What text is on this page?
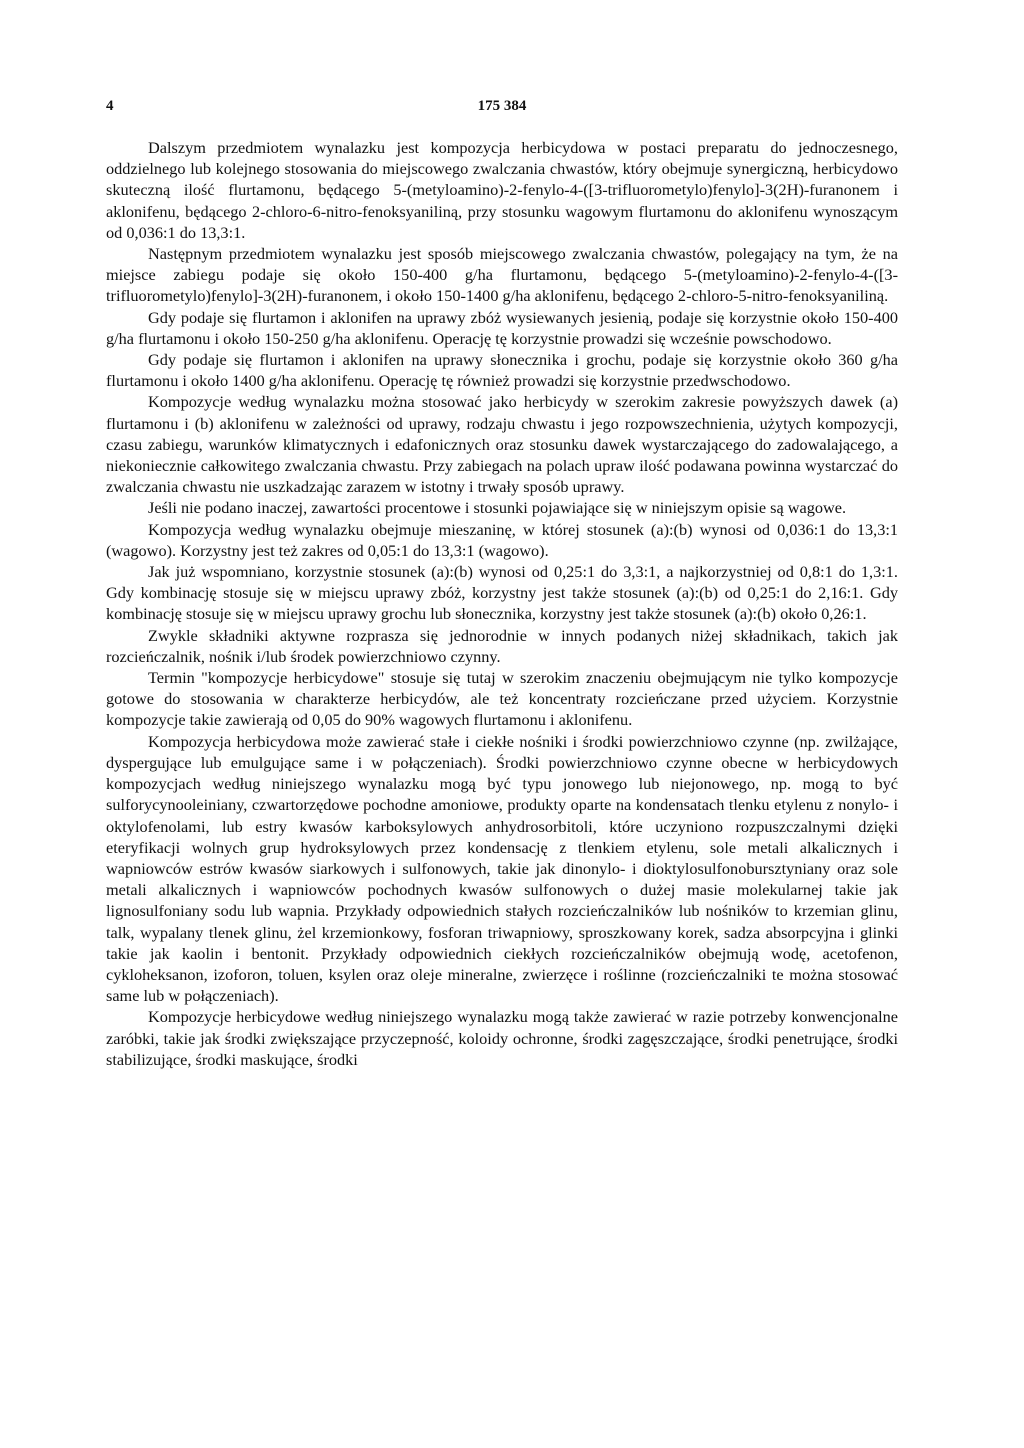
4	175 384

Dalszym przedmiotem wynalazku jest kompozycja herbicydowa w postaci preparatu do jednoczesnego, oddzielnego lub kolejnego stosowania do miejscowego zwalczania chwastów, który obejmuje synergiczną, herbicydowo skuteczną ilość flurtamonu, będącego 5-(metyloamino)-2-fenylo-4-([3-trifluorometylo)fenylo]-3(2H)-furanonem i aklonifenu, będącego 2-chloro-6-nitro-fenoksyaniliną, przy stosunku wagowym flurtamonu do aklonifenu wynoszącym od 0,036:1 do 13,3:1.

Następnym przedmiotem wynalazku jest sposób miejscowego zwalczania chwastów, polegający na tym, że na miejsce zabiegu podaje się około 150-400 g/ha flurtamonu, będącego 5-(metyloamino)-2-fenylo-4-([3-trifluorometylo)fenylo]-3(2H)-furanonem, i około 150-1400 g/ha aklonifenu, będącego 2-chloro-5-nitro-fenoksyaniliną.

Gdy podaje się flurtamon i aklonifen na uprawy zbóż wysiewanych jesienią, podaje się korzystnie około 150-400 g/ha flurtamonu i około 150-250 g/ha aklonifenu. Operację tę korzystnie prowadzi się wcześnie powschodowo.

Gdy podaje się flurtamon i aklonifen na uprawy słonecznika i grochu, podaje się korzystnie około 360 g/ha flurtamonu i około 1400 g/ha aklonifenu. Operację tę również prowadzi się korzystnie przedwschodowo.

Kompozycje według wynalazku można stosować jako herbicydy w szerokim zakresie powyższych dawek (a) flurtamonu i (b) aklonifenu w zależności od uprawy, rodzaju chwastu i jego rozpowszechnienia, użytych kompozycji, czasu zabiegu, warunków klimatycznych i edafonicznych oraz stosunku dawek wystarczającego do zadowalającego, a niekoniecznie całkowitego zwalczania chwastu. Przy zabiegach na polach upraw ilość podawana powinna wystarczać do zwalczania chwastu nie uszkadzając zarazem w istotny i trwały sposób uprawy.

Jeśli nie podano inaczej, zawartości procentowe i stosunki pojawiające się w niniejszym opisie są wagowe.

Kompozycja według wynalazku obejmuje mieszaninę, w której stosunek (a):(b) wynosi od 0,036:1 do 13,3:1 (wagowo). Korzystny jest też zakres od 0,05:1 do 13,3:1 (wagowo).

Jak już wspomniano, korzystnie stosunek (a):(b) wynosi od 0,25:1 do 3,3:1, a najkorzystniej od 0,8:1 do 1,3:1. Gdy kombinację stosuje się w miejscu uprawy zbóż, korzystny jest także stosunek (a):(b) od 0,25:1 do 2,16:1. Gdy kombinację stosuje się w miejscu uprawy grochu lub słonecznika, korzystny jest także stosunek (a):(b) około 0,26:1.

Zwykle składniki aktywne rozprasza się jednorodnie w innych podanych niżej składnikach, takich jak rozcieńczalnik, nośnik i/lub środek powierzchniowo czynny.

Termin "kompozycje herbicydowe" stosuje się tutaj w szerokim znaczeniu obejmującym nie tylko kompozycje gotowe do stosowania w charakterze herbicydów, ale też koncentraty rozcieńczane przed użyciem. Korzystnie kompozycje takie zawierają od 0,05 do 90% wagowych flurtamonu i aklonifenu.

Kompozycja herbicydowa może zawierać stałe i ciekłe nośniki i środki powierzchniowo czynne (np. zwilżające, dyspergujące lub emulgujące same i w połączeniach). Środki powierzchniowo czynne obecne w herbicydowych kompozycjach według niniejszego wynalazku mogą być typu jonowego lub niejonowego, np. mogą to być sulforycynooleiniany, czwartorzędowe pochodne amoniowe, produkty oparte na kondensatach tlenku etylenu z nonylo- i oktylofenolami, lub estry kwasów karboksylowych anhydrosorbitoli, które uczyniono rozpuszczalnymi dzięki eteryfikacji wolnych grup hydroksylowych przez kondensację z tlenkiem etylenu, sole metali alkalicznych i wapniowców estrów kwasów siarkowych i sulfonowych, takie jak dinonylo- i dioktylosulfonobursztyniany oraz sole metali alkalicznych i wapniowców pochodnych kwasów sulfonowych o dużej masie molekularnej takie jak lignosulfoniany sodu lub wapnia. Przykłady odpowiednich stałych rozcieńczalników lub nośników to krzemian glinu, talk, wypalany tlenek glinu, żel krzemionkowy, fosforan triwapniowy, sproszkowany korek, sadza absorpcyjna i glinki takie jak kaolin i bentonit. Przykłady odpowiednich ciekłych rozcieńczalników obejmują wodę, acetofenon, cykloheksanon, izoforon, toluen, ksylen oraz oleje mineralne, zwierzęce i roślinne (rozcieńczalniki te można stosować same lub w połączeniach).

Kompozycje herbicydowe według niniejszego wynalazku mogą także zawierać w razie potrzeby konwencjonalne zaróbki, takie jak środki zwiększające przyczepność, koloidy ochronne, środki zagęszczające, środki penetrujące, środki stabilizujące, środki maskujące, środki
